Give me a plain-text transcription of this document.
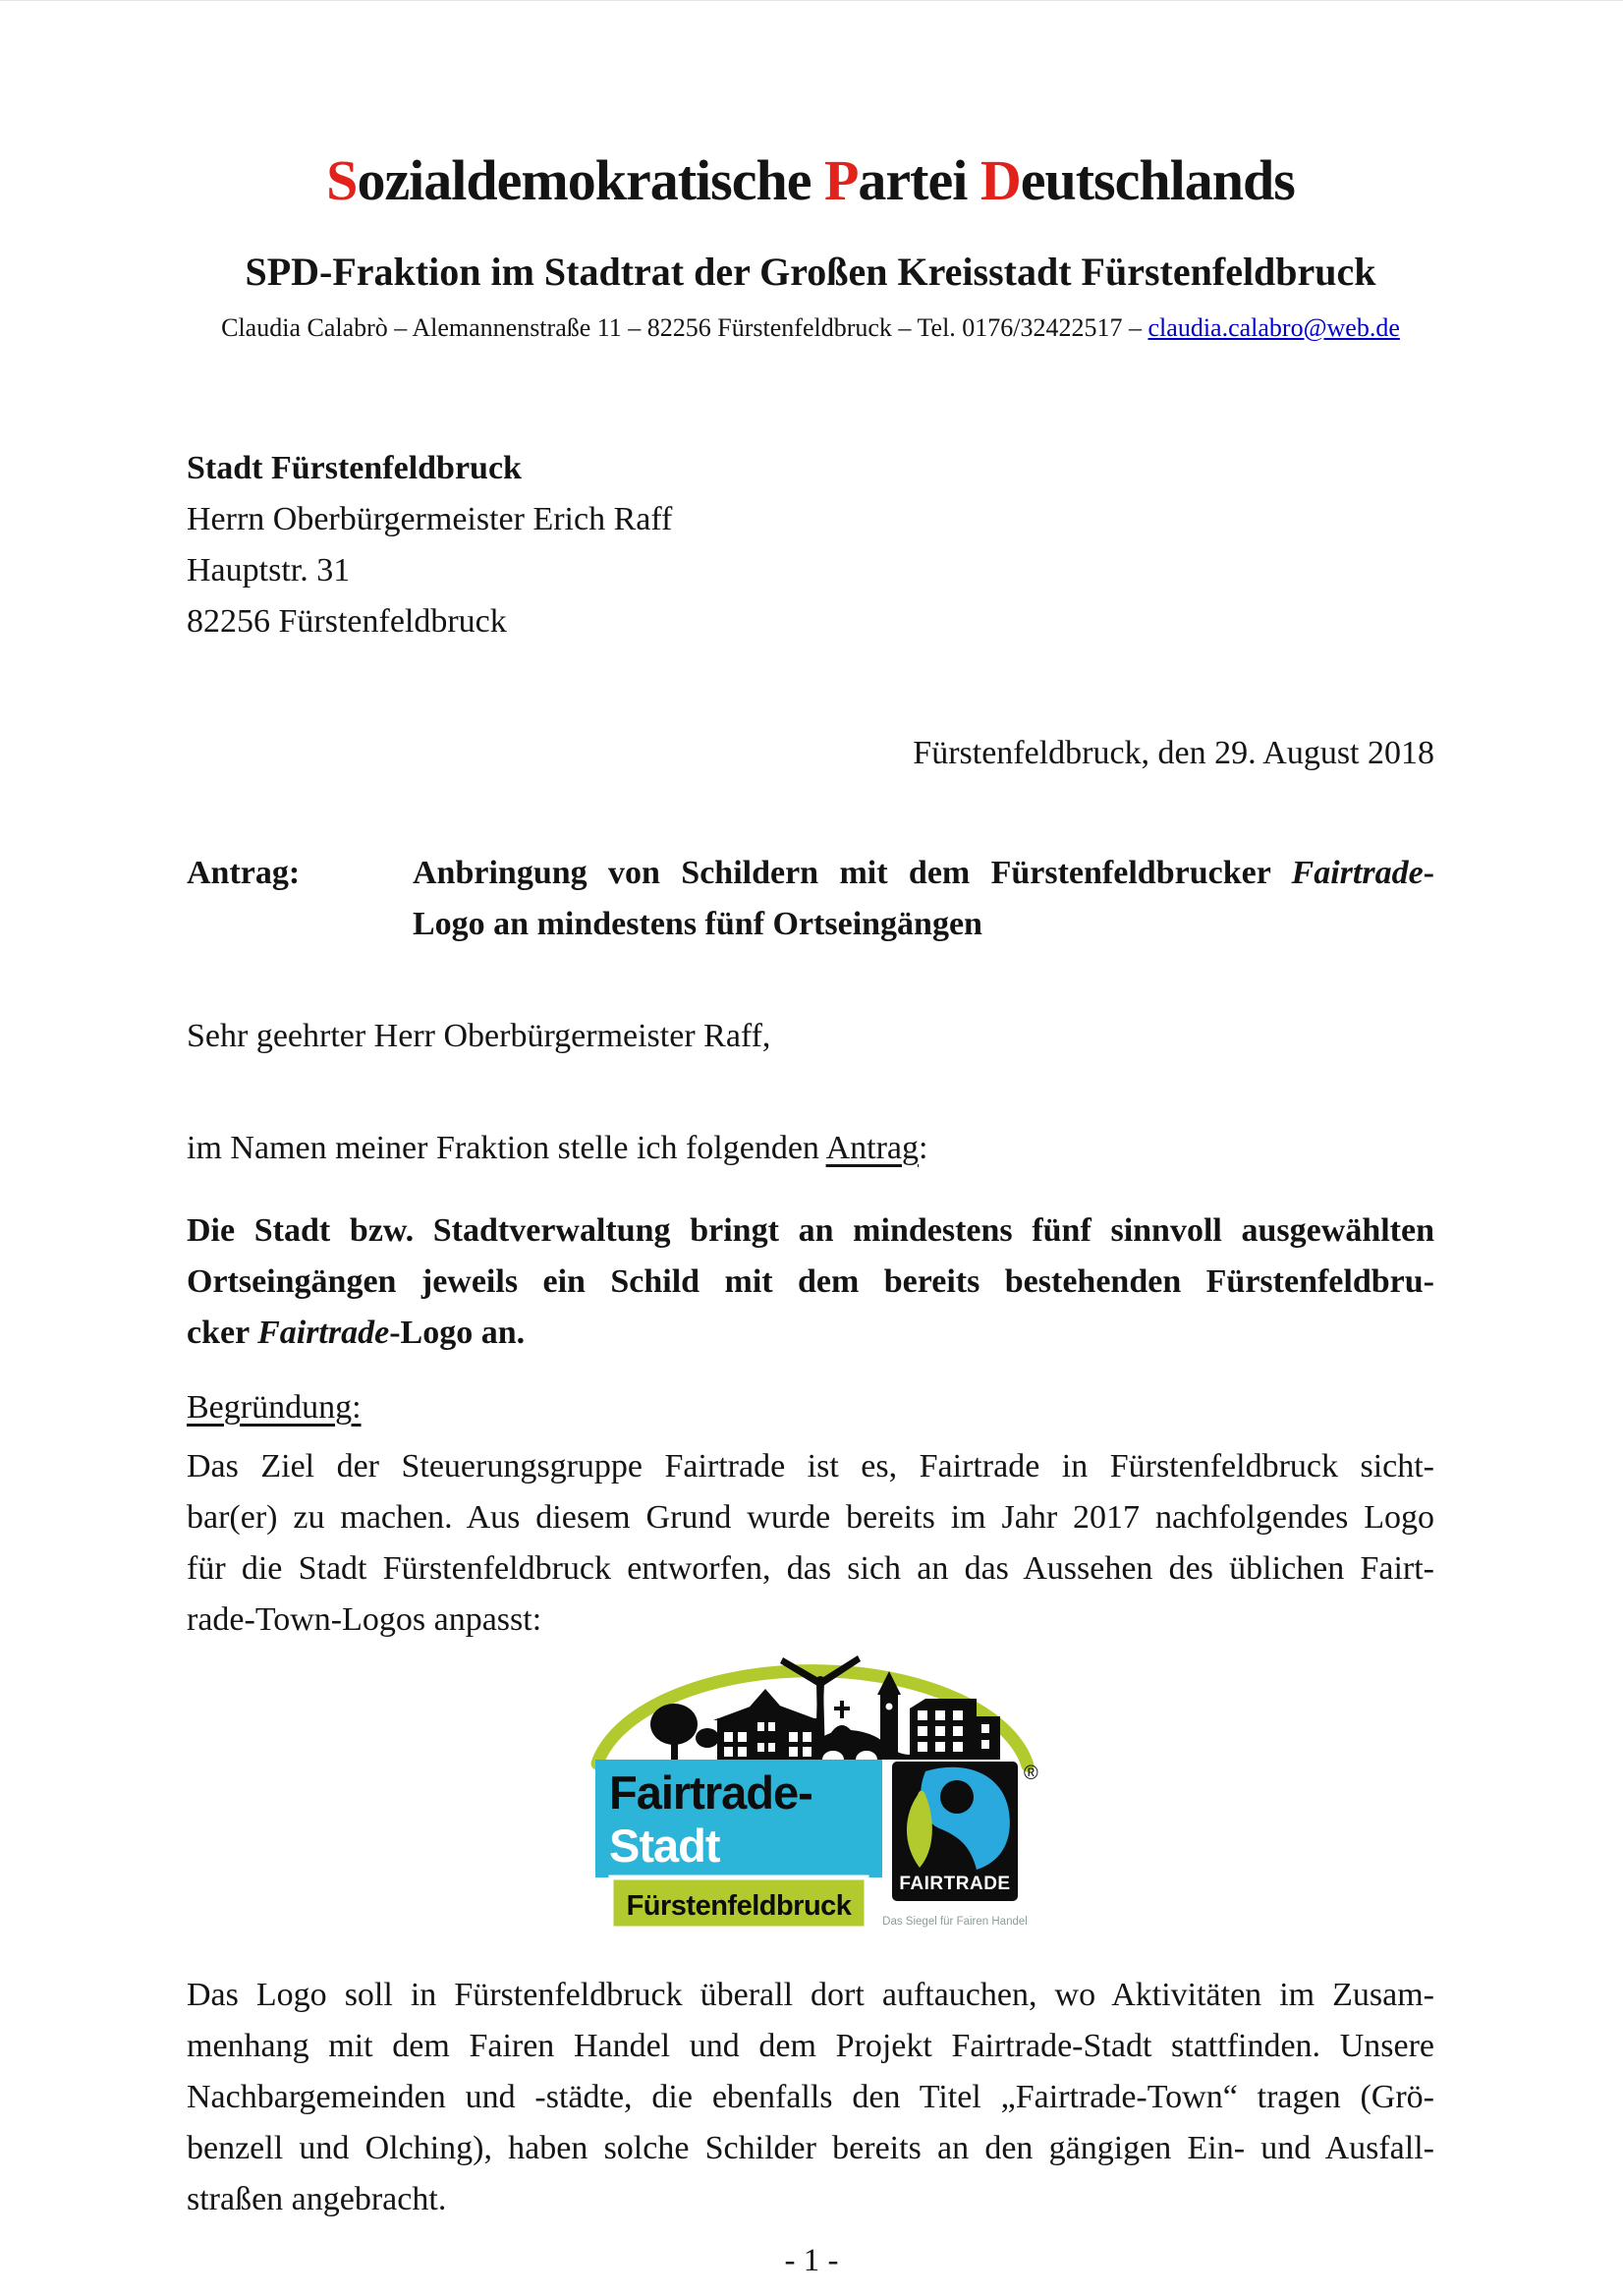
Sozialdemokratische Partei Deutschlands
SPD-Fraktion im Stadtrat der Großen Kreisstadt Fürstenfeldbruck

Claudia Calabrò – Alemannenstraße 11 – 82256 Fürstenfeldbruck – Tel. 0176/32422517 – claudia.calabro@web.de

Stadt Fürstenfeldbruck

Herrn Oberbürgermeister Erich Raff

Hauptstr. 31

82256 Fürstenfeldbruck

Fürstenfeldbruck, den 29. August 2018

Antrag:	Anbringung von Schildern mit dem Fürstenfeldbrucker Fairtrade-
Logo an mindestens fünf Ortseingängen

Sehr geehrter Herr Oberbürgermeister Raff,

im Namen meiner Fraktion stelle ich folgenden Antrag:

Die Stadt bzw. Stadtverwaltung bringt an mindestens fünf sinnvoll ausgewählten
Ortseingängen jeweils ein Schild mit dem bereits bestehenden Fürstenfeldbru-
cker Fairtrade-Logo an.

Begründung:

Das Ziel der Steuerungsgruppe Fairtrade ist es, Fairtrade in Fürstenfeldbruck sicht-
bar(er) zu machen. Aus diesem Grund wurde bereits im Jahr 2017 nachfolgendes Logo
für die Stadt Fürstenfeldbruck entworfen, das sich an das Aussehen des üblichen Fairt-
rade-Town-Logos anpasst:
Fairtrade-
Stadt
Fürstenfeldbruck
FAIRTRADE
®
Das Siegel für Fairen Handel
Das Logo soll in Fürstenfeldbruck überall dort auftauchen, wo Aktivitäten im Zusam-
menhang mit dem Fairen Handel und dem Projekt Fairtrade-Stadt stattfinden. Unsere
Nachbargemeinden und -städte, die ebenfalls den Titel „Fairtrade-Town“ tragen (Grö-
benzell und Olching), haben solche Schilder bereits an den gängigen Ein- und Ausfall-
straßen angebracht.
- 1 -
